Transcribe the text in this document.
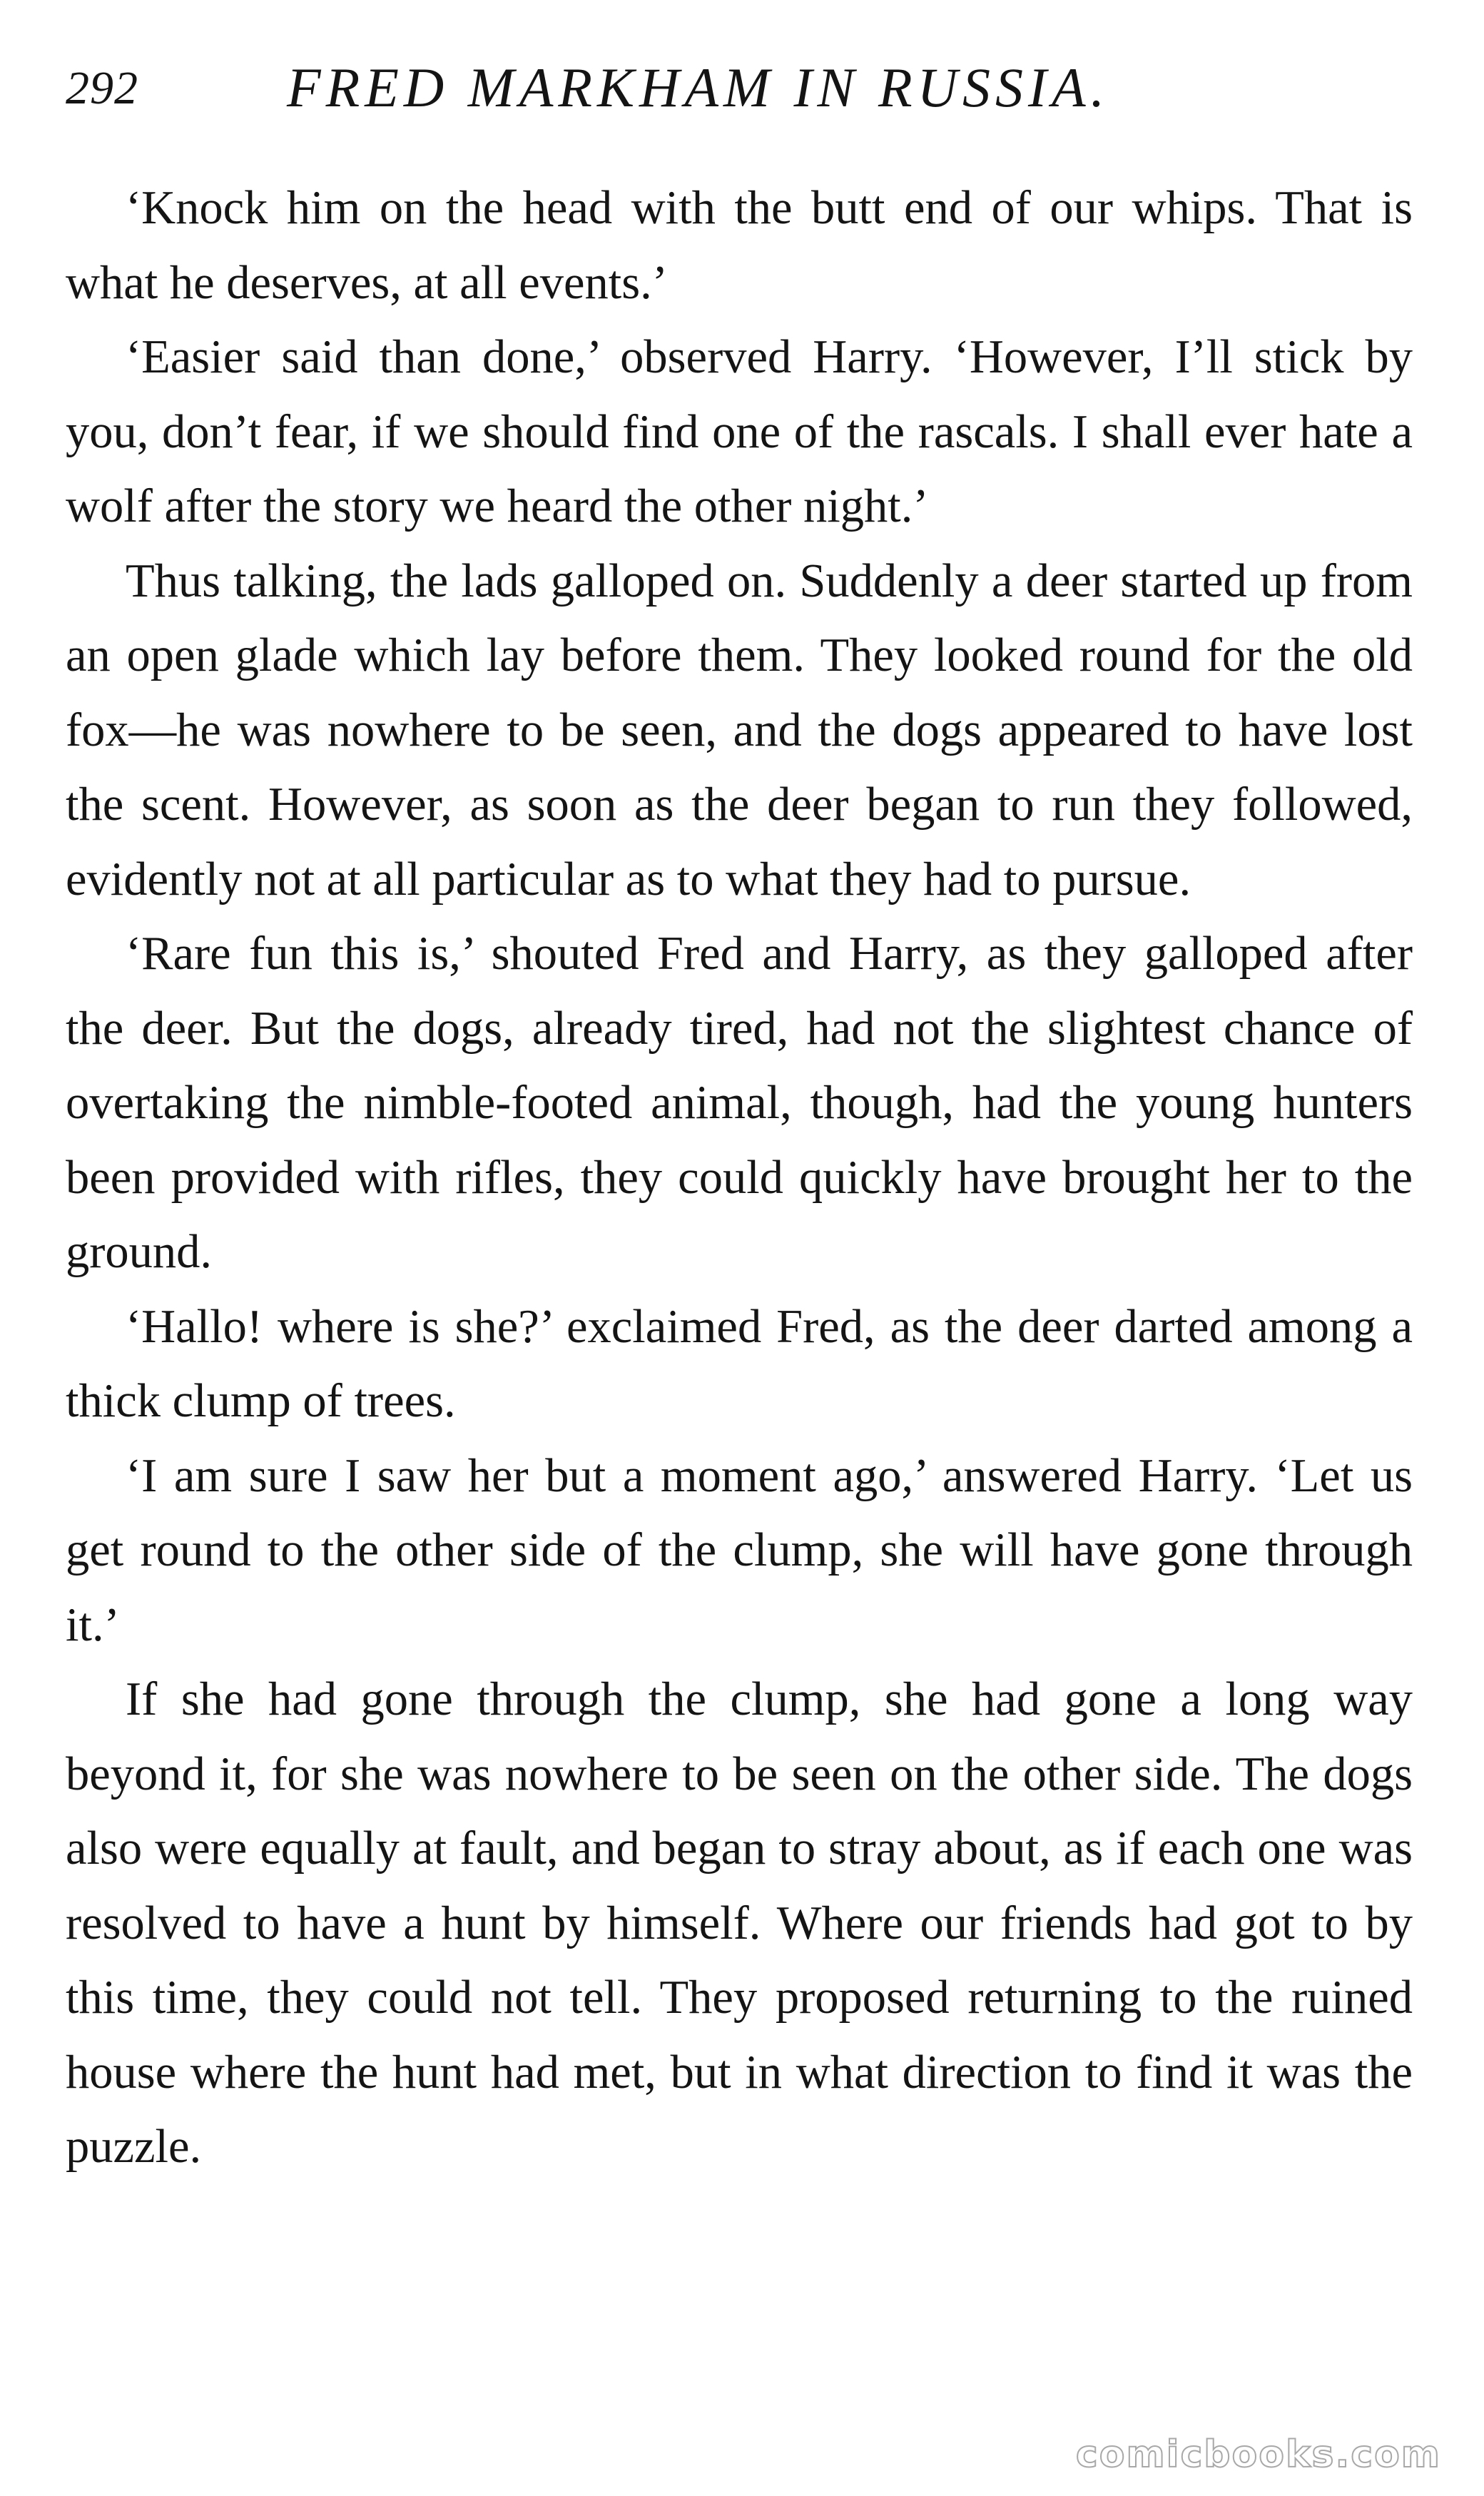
292	FRED MARKHAM IN RUSSIA.

‘Knock him on the head with the butt end of our whips. That is what he deserves, at all events.’

‘Easier said than done,’ observed Harry. ‘However, I’ll stick by you, don’t fear, if we should find one of the rascals. I shall ever hate a wolf after the story we heard the other night.’

Thus talking, the lads galloped on. Suddenly a deer started up from an open glade which lay before them. They looked round for the old fox—he was nowhere to be seen, and the dogs appeared to have lost the scent. However, as soon as the deer began to run they followed, evidently not at all particular as to what they had to pursue.

‘Rare fun this is,’ shouted Fred and Harry, as they galloped after the deer. But the dogs, already tired, had not the slightest chance of overtaking the nimble-footed animal, though, had the young hunters been provided with rifles, they could quickly have brought her to the ground.

‘Hallo! where is she?’ exclaimed Fred, as the deer darted among a thick clump of trees.

‘I am sure I saw her but a moment ago,’ answered Harry. ‘Let us get round to the other side of the clump, she will have gone through it.’

If she had gone through the clump, she had gone a long way beyond it, for she was nowhere to be seen on the other side. The dogs also were equally at fault, and began to stray about, as if each one was resolved to have a hunt by himself. Where our friends had got to by this time, they could not tell. They proposed returning to the ruined house where the hunt had met, but in what direction to find it was the puzzle.

comicbooks.com
